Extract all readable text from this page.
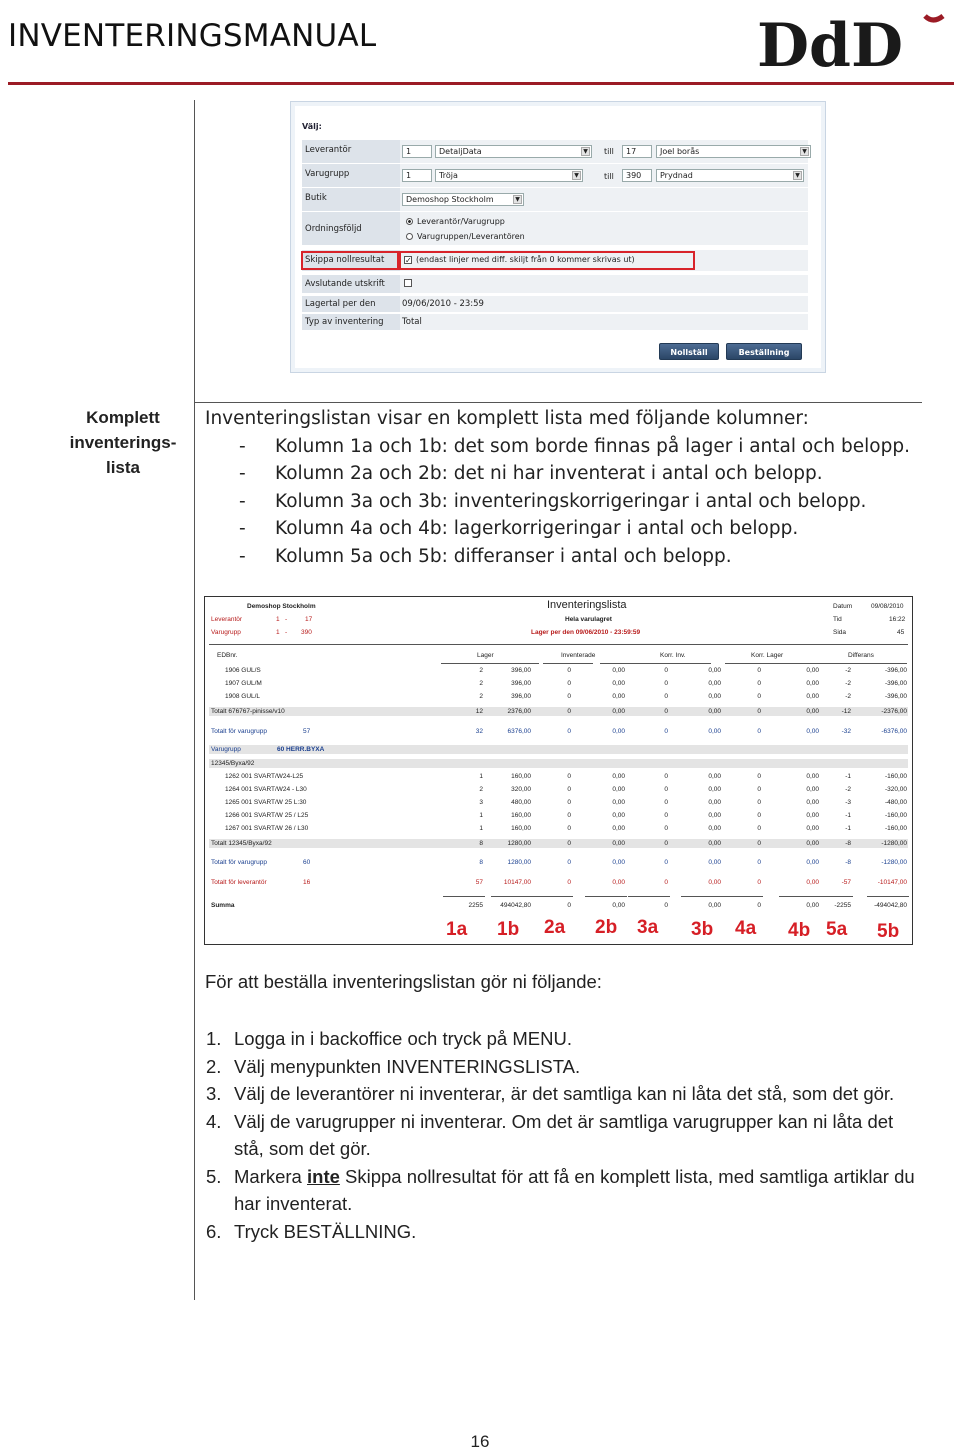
INVENTERINGSMANUAL	DdD
Komplett
inventerings-
lista
Välj:
Leverantör	1	DetaljData	▼ till	17	Joel borås	▼
Varugrupp	1	Tröja	▼	till	390	Prydnad	▼
Butik	Demoshop Stockholm	▼
Ordningsföljd
Leverantör/Varugrupp
Varugruppen/Leverantören
Skippa nollresultat	✓ (endast linjer med diff. skiljt från 0 kommer skrivas ut)
Avslutande utskrift
Lagertal per den	09/06/2010 - 23:59
Typ av inventering	Total
Nollställ	Beställning
Inventeringslistan visar en komplett lista med följande kolumner:
- Kolumn 1a och 1b: det som borde finnas på lager i antal och belopp.
- Kolumn 2a och 2b: det ni har inventerat i antal och belopp.
- Kolumn 3a och 3b: inventeringskorrigeringar i antal och belopp.
- Kolumn 4a och 4b: lagerkorrigeringar i antal och belopp.
- Kolumn 5a och 5b: differanser i antal och belopp.
Demoshop Stockholm	Inventeringslista
Hela varulagret
Lager per den 09/06/2010 - 23:59:59
Leverantör	1 -	17
Varugrupp	1 - 390
Datum	09/08/2010
Tid	16:22
Sida	45
EDBnr.	Lager	Inventerade	Korr. Inv.	Korr. Lager	Differans
1906 GUL/S	2	396,00	0	0,00	0	0,00	0	0,00	-2	-396,00
1907 GUL/M	2	396,00	0	0,00	0	0,00	0	0,00	-2	-396,00
1908 GUL/L	2	396,00	0	0,00	0	0,00	0	0,00	-2	-396,00
Totalt 676767-pinisse/v10	12	2376,00	0	0,00	0	0,00	0	0,00	-12	-2376,00
Totalt för varugrupp	57	32	6376,00	0	0,00	0	0,00	0	0,00	-32	-6376,00
Varugrupp	60 HERR.BYXA
12345/Byxa/92
1262 001 SVART/W24-L25	1	160,00	0	0,00	0	0,00	0	0,00	-1	-160,00
1264 001 SVART/W24 - L30	2	320,00	0	0,00	0	0,00	0	0,00	-2	-320,00
1265 001 SVART/W 25 L:30	3	480,00	0	0,00	0	0,00	0	0,00	-3	-480,00
1266 001 SVART/W 25 / L25	1	160,00	0	0,00	0	0,00	0	0,00	-1	-160,00
1267 001 SVART/W 26 / L30	1	160,00	0	0,00	0	0,00	0	0,00	-1	-160,00
Totalt 12345/Byxa/92	8	1280,00	0	0,00	0	0,00	0	0,00	-8	-1280,00
Totalt för varugrupp	60	8	1280,00	0	0,00	0	0,00	0	0,00	-8	-1280,00
Totalt för leverantör	16	57	10147,00	0	0,00	0	0,00	0	0,00	-57	-10147,00
Summa	2255	494042,80	0	0,00	0	0,00	0	0,00	-2255	-494042,80
1a 1b 2a 2b 3a 3b 4a 4b 5a 5b
För att beställa inventeringslistan gör ni följande:
1. Logga in i backoffice och tryck på MENU.
2. Välj menypunkten INVENTERINGSLISTA.
3. Välj de leverantörer ni inventerar, är det samtliga kan ni låta det stå, som det gör.
4. Välj de varugrupper ni inventerar. Om det är samtliga varugrupper kan ni låta det stå, som det gör.
5. Markera inte Skippa nollresultat för att få en komplett lista, med samtliga artiklar du har inventerat.
6. Tryck BESTÄLLNING.
16
